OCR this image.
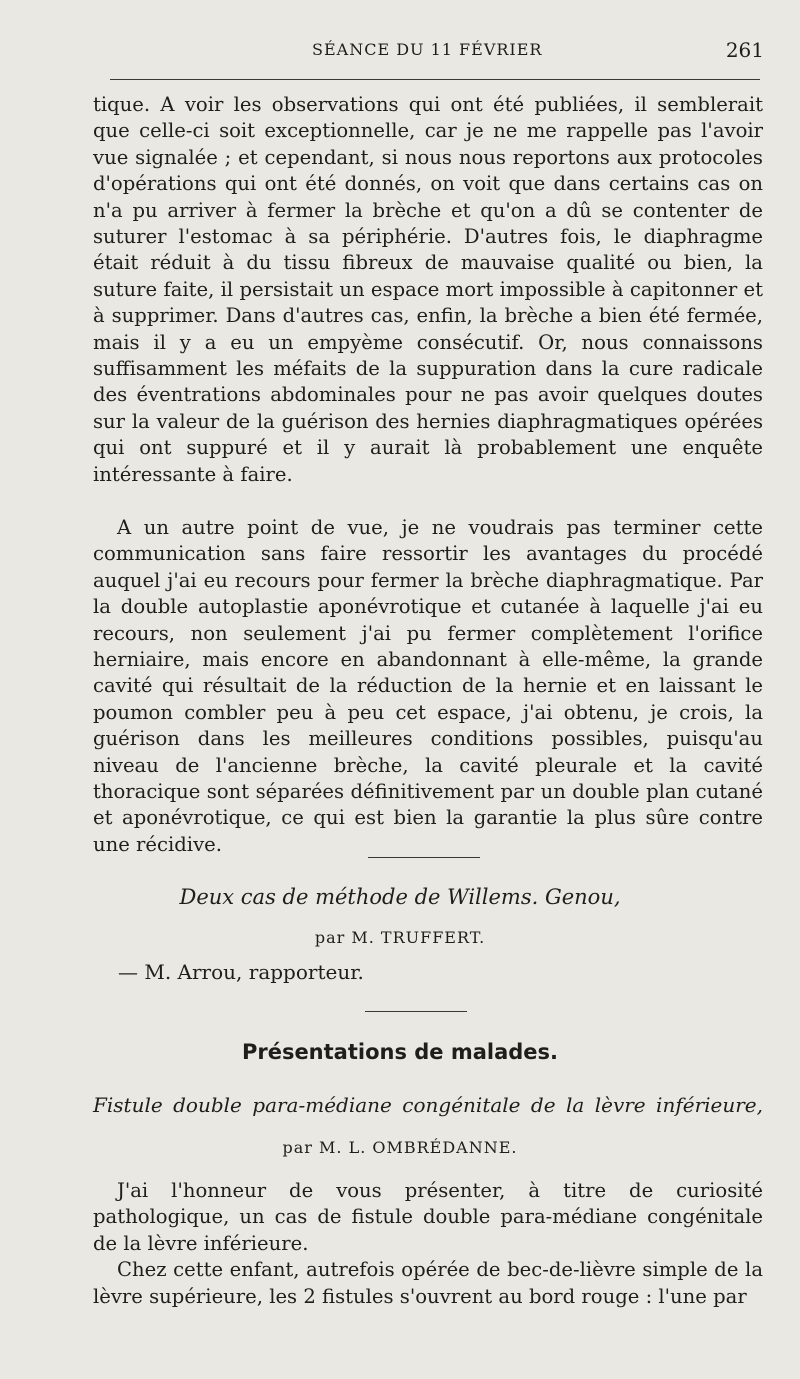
SÉANCE DU 11 FÉVRIER	261

tique. A voir les observations qui ont été publiées, il semblerait que celle-ci soit exceptionnelle, car je ne me rappelle pas l'avoir vue signalée ; et cependant, si nous nous reportons aux protocoles d'opérations qui ont été donnés, on voit que dans certains cas on n'a pu arriver à fermer la brèche et qu'on a dû se contenter de suturer l'estomac à sa périphérie. D'autres fois, le diaphragme était réduit à du tissu fibreux de mauvaise qualité ou bien, la suture faite, il persistait un espace mort impossible à capitonner et à supprimer. Dans d'autres cas, enfin, la brèche a bien été fermée, mais il y a eu un empyème consécutif. Or, nous connaissons suffisamment les méfaits de la suppuration dans la cure radicale des éventrations abdominales pour ne pas avoir quelques doutes sur la valeur de la guérison des hernies diaphragmatiques opérées qui ont suppuré et il y aurait là probablement une enquête intéressante à faire.

A un autre point de vue, je ne voudrais pas terminer cette communication sans faire ressortir les avantages du procédé auquel j'ai eu recours pour fermer la brèche diaphragmatique. Par la double autoplastie aponévrotique et cutanée à laquelle j'ai eu recours, non seulement j'ai pu fermer complètement l'orifice herniaire, mais encore en abandonnant à elle-même, la grande cavité qui résultait de la réduction de la hernie et en laissant le poumon combler peu à peu cet espace, j'ai obtenu, je crois, la guérison dans les meilleures conditions possibles, puisqu'au niveau de l'ancienne brèche, la cavité pleurale et la cavité thoracique sont séparées définitivement par un double plan cutané et aponévrotique, ce qui est bien la garantie la plus sûre contre une récidive.

Deux cas de méthode de Willems. Genou,
par M. TRUFFERT.
— M. Arrou, rapporteur.
Présentations de malades.
Fistule double para-médiane congénitale de la lèvre inférieure,
par M. L. OMBRÉDANNE.

J'ai l'honneur de vous présenter, à titre de curiosité pathologique, un cas de fistule double para-médiane congénitale de la lèvre inférieure.

Chez cette enfant, autrefois opérée de bec-de-lièvre simple de la lèvre supérieure, les 2 fistules s'ouvrent au bord rouge : l'une par
